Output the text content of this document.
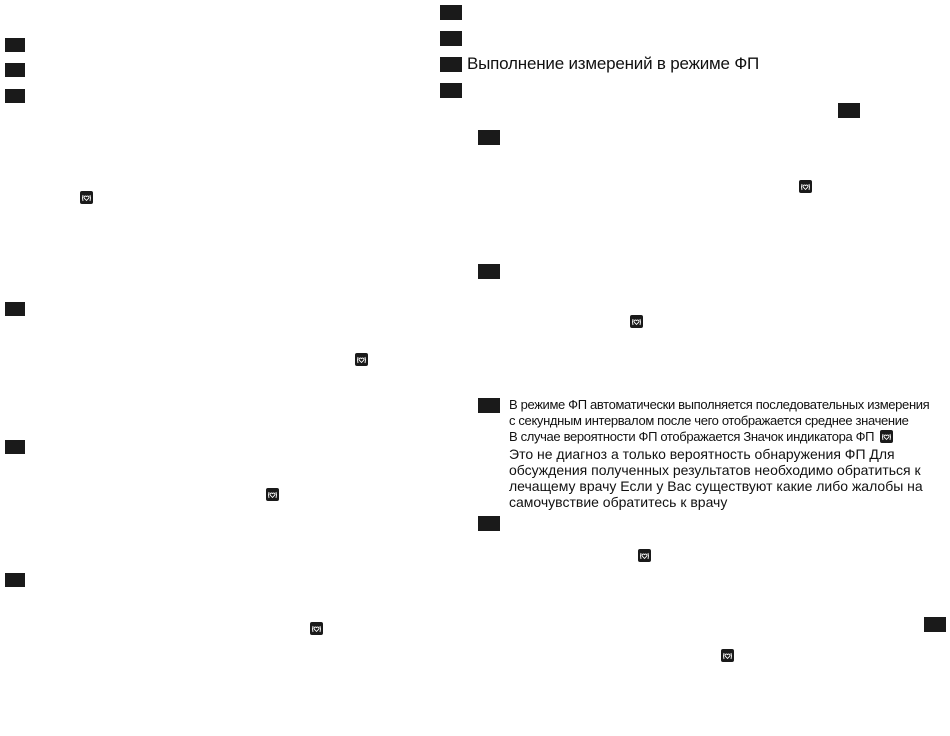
Выполнение измерений в режиме ФП
В режиме ФП автоматически выполняется последовательных измерения
с секундным интервалом после чего отображается среднее значение
В случае вероятности ФП отображается Значок индикатора ФП
Это не диагноз а только вероятность обнаружения ФП Для
обсуждения полученных результатов необходимо обратиться к
лечащему врачу Если у Вас существуют какие либо жалобы на
самочувствие обратитесь к врачу
